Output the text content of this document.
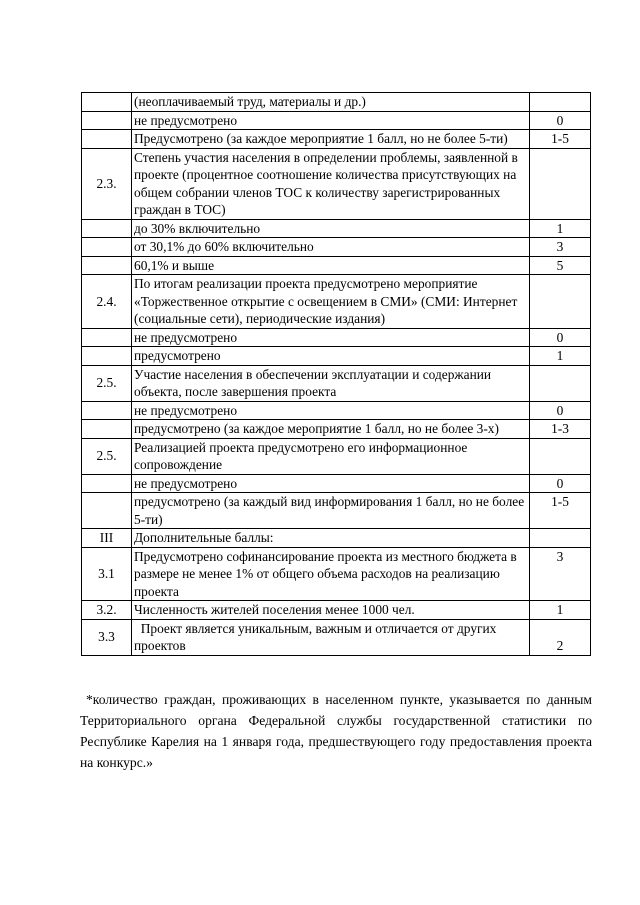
	(неоплачиваемый труд, материалы и др.)	
	не предусмотрено	0
	Предусмотрено (за каждое мероприятие 1 балл, но не более 5-ти)	1-5
2.3.	Степень участия населения в определении проблемы, заявленной в проекте (процентное соотношение количества присутствующих на общем собрании членов ТОС к количеству зарегистрированных граждан в ТОС)	
	до 30% включительно	1
	от 30,1% до 60% включительно	3
	60,1% и выше	5
2.4.	По итогам реализации проекта предусмотрено мероприятие «Торжественное открытие с освещением в СМИ» (СМИ: Интернет (социальные сети), периодические издания)	
	не предусмотрено	0
	предусмотрено	1
2.5.	Участие населения в обеспечении эксплуатации и содержании объекта, после завершения проекта	
	не предусмотрено	0
	предусмотрено (за каждое мероприятие 1 балл, но не более 3-х)	1-3
2.5.	Реализацией проекта предусмотрено его информационное сопровождение	
	не предусмотрено	0
	предусмотрено (за каждый вид информирования 1 балл, но не более 5-ти)	1-5
III	Дополнительные баллы:	
3.1	Предусмотрено софинансирование проекта из местного бюджета в размере не менее 1% от общего объема расходов на реализацию проекта	3
3.2.	Численность жителей поселения менее 1000 чел.	1
3.3	Проект является уникальным, важным и отличается от других проектов	2

*количество граждан, проживающих в населенном пункте, указывается по данным Территориального органа Федеральной службы государственной статистики по Республике Карелия на 1 января года, предшествующего году предоставления проекта на конкурс.»
